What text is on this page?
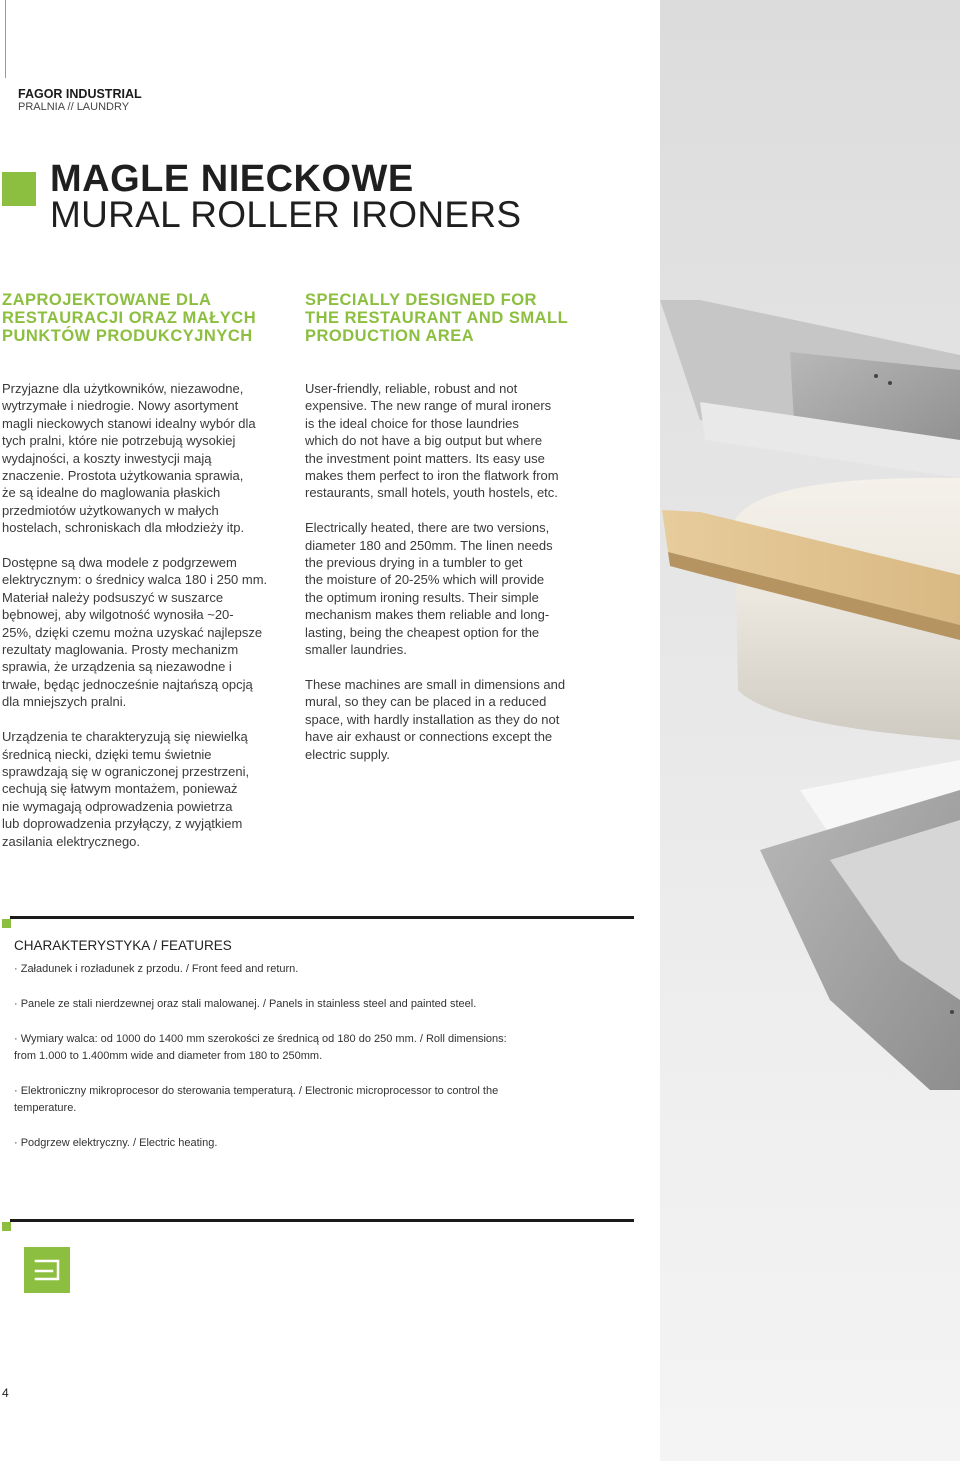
FAGOR INDUSTRIAL
PRALNIA // LAUNDRY
MAGLE NIECKOWE
MURAL ROLLER IRONERS
ZAPROJEKTOWANE DLA
RESTAURACJI ORAZ MAŁYCH
PUNKTÓW PRODUKCYJNYCH
SPECIALLY DESIGNED FOR
THE RESTAURANT AND SMALL
PRODUCTION AREA

Przyjazne dla użytkowników, niezawodne,
wytrzymałe i niedrogie. Nowy asortyment
magli nieckowych stanowi idealny wybór dla
tych pralni, które nie potrzebują wysokiej
wydajności, a koszty inwestycji mają
znaczenie. Prostota użytkowania sprawia,
że są idealne do maglowania płaskich
przedmiotów użytkowanych w małych
hostelach, schroniskach dla młodzieży itp.

Dostępne są dwa modele z podgrzewem
elektrycznym: o średnicy walca 180 i 250 mm.
Materiał należy podsuszyć w suszarce
bębnowej, aby wilgotność wynosiła ~20-
25%, dzięki czemu można uzyskać najlepsze
rezultaty maglowania. Prosty mechanizm
sprawia, że urządzenia są niezawodne i
trwałe, będąc jednocześnie najtańszą opcją
dla mniejszych pralni.

Urządzenia te charakteryzują się niewielką
średnicą niecki, dzięki temu świetnie
sprawdzają się w ograniczonej przestrzeni,
cechują się łatwym montażem, ponieważ
nie wymagają odprowadzenia powietrza
lub doprowadzenia przyłączy, z wyjątkiem
zasilania elektrycznego.

User-friendly, reliable, robust and not
expensive. The new range of mural ironers
is the ideal choice for those laundries
which do not have a big output but where
the investment point matters. Its easy use
makes them perfect to iron the flatwork from
restaurants, small hotels, youth hostels, etc.

Electrically heated, there are two versions,
diameter 180 and 250mm. The linen needs
the previous drying in a tumbler to get
the moisture of 20-25% which will provide
the optimum ironing results. Their simple
mechanism makes them reliable and long-
lasting, being the cheapest option for the
smaller laundries.

These machines are small in dimensions and
mural, so they can be placed in a reduced
space, with hardly installation as they do not
have air exhaust or connections except the
electric supply.

CHARAKTERYSTYKA / FEATURES
· Załadunek i rozładunek z przodu. / Front feed and return.
· Panele ze stali nierdzewnej oraz stali malowanej. / Panels in stainless steel and painted steel.
· Wymiary walca: od 1000 do 1400 mm szerokości ze średnicą od 180 do 250 mm. / Roll dimensions:
from 1.000 to 1.400mm wide and diameter from 180 to 250mm.
· Elektroniczny mikroprocesor do sterowania temperaturą. / Electronic microprocessor to control the
temperature.
· Podgrzew elektryczny. / Electric heating.
4
